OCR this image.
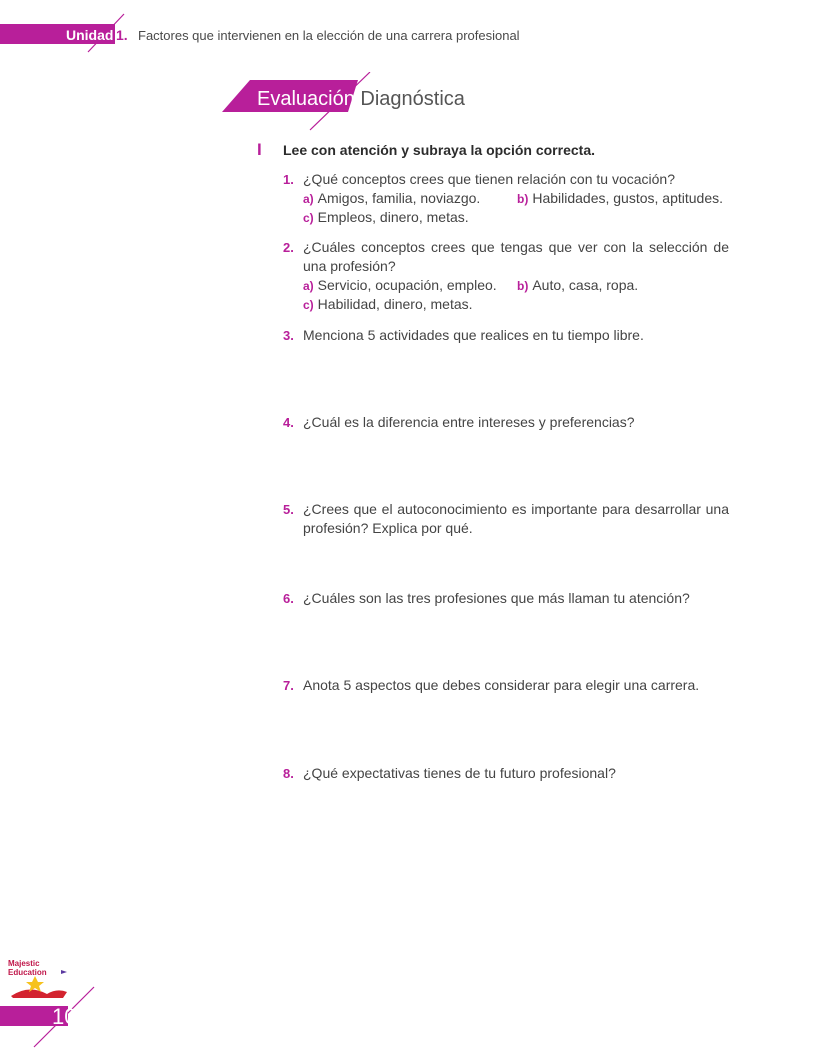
Unidad 1. Factores que intervienen en la elección de una carrera profesional
Evaluación Diagnóstica
I Lee con atención y subraya la opción correcta.
1. ¿Qué conceptos crees que tienen relación con tu vocación?
a) Amigos, familia, noviazgo.	b) Habilidades, gustos, aptitudes.
c) Empleos, dinero, metas.
2. ¿Cuáles conceptos crees que tengas que ver con la selección de una profesión?
a) Servicio, ocupación, empleo. b) Auto, casa, ropa.
c) Habilidad, dinero, metas.
3. Menciona 5 actividades que realices en tu tiempo libre.
4. ¿Cuál es la diferencia entre intereses y preferencias?
5. ¿Crees que el autoconocimiento es importante para desarrollar una profesión? Explica por qué.
6. ¿Cuáles son las tres profesiones que más llaman tu atención?
7. Anota 5 aspectos que debes considerar para elegir una carrera.
8. ¿Qué expectativas tienes de tu futuro profesional?
Majestic
Education
10
